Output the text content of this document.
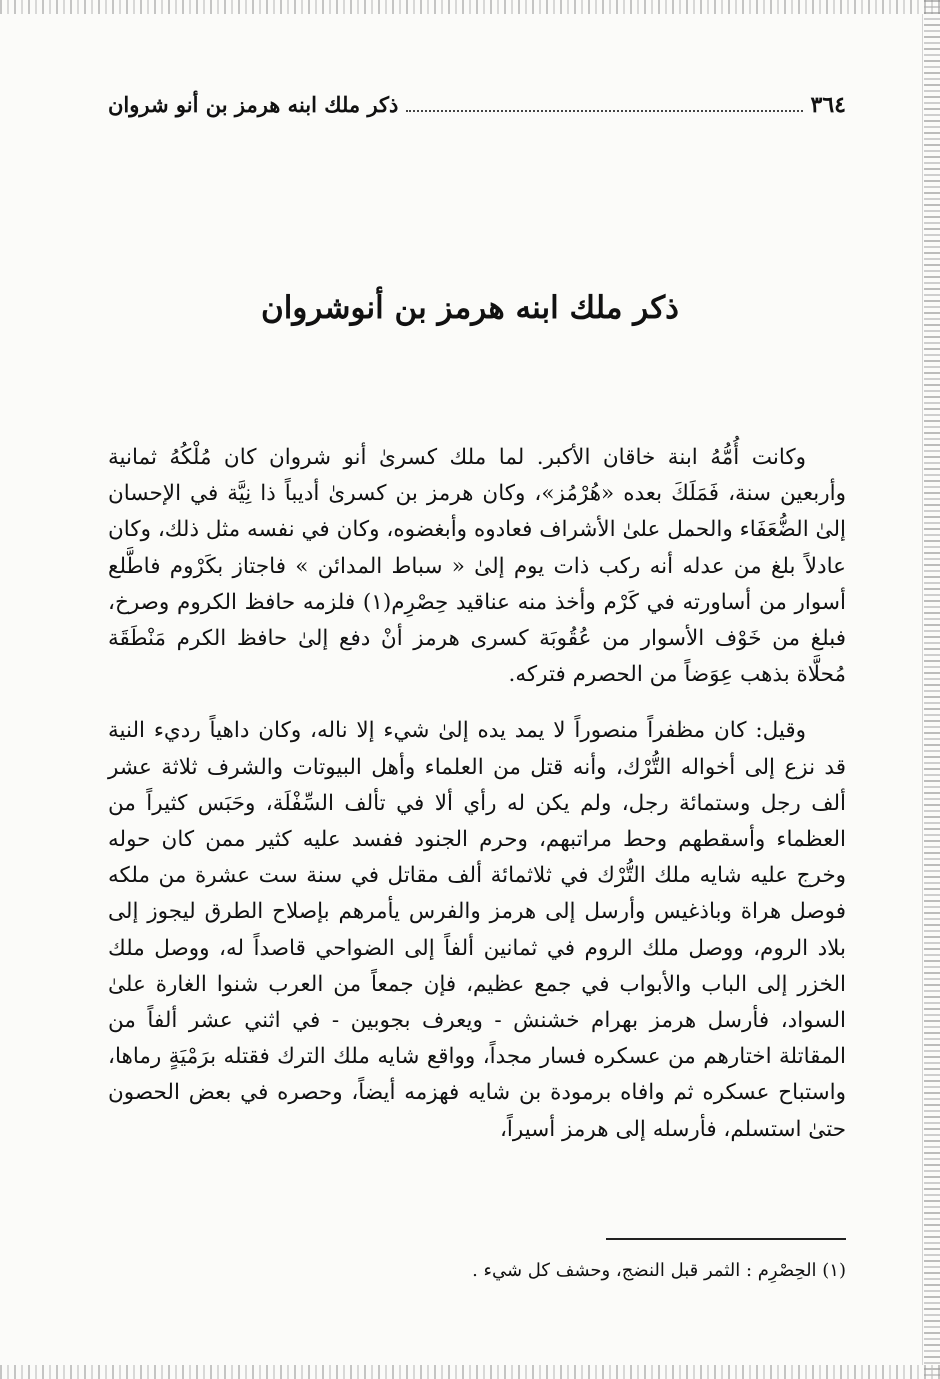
٣٦٤
ذكر ملك ابنه هرمز بن أنو شروان
ذكر ملك ابنه هرمز بن أنوشروان

وكانت أُمُّهُ ابنة خاقان الأكبر. لما ملك كسرىٰ أنو شروان كان مُلْكُهُ ثمانية وأربعين سنة، فَمَلَكَ بعده «هُرْمُز»، وكان هرمز بن كسرىٰ أديباً ذا نِيَّة في الإحسان إلىٰ الضُّعَفَاء والحمل علىٰ الأشراف فعادوه وأبغضوه، وكان في نفسه مثل ذلك، وكان عادلاً بلغ من عدله أنه ركب ذات يوم إلىٰ « سباط المدائن » فاجتاز بكَرْوم فاطَّلع أسوار من أساورته في كَرْم وأخذ منه عناقيد حِصْرِم(١) فلزمه حافظ الكروم وصرخ، فبلغ من خَوْف الأسوار من عُقُوبَة كسرى هرمز أنْ دفع إلىٰ حافظ الكرم مَنْطَقَة مُحلَّاة بذهب عِوَضاً من الحصرم فتركه.

وقيل: كان مظفراً منصوراً لا يمد يده إلىٰ شيء إلا ناله، وكان داهياً رديء النية قد نزع إلى أخواله التُّرْك، وأنه قتل من العلماء وأهل البيوتات والشرف ثلاثة عشر ألف رجل وستمائة رجل، ولم يكن له رأي ألا في تألف السِّفْلَة، وحَبَس كثيراً من العظماء وأسقطهم وحط مراتبهم، وحرم الجنود ففسد عليه كثير ممن كان حوله وخرج عليه شايه ملك التُّرْك في ثلاثمائة ألف مقاتل في سنة ست عشرة من ملكه فوصل هراة وباذغيس وأرسل إلى هرمز والفرس يأمرهم بإصلاح الطرق ليجوز إلى بلاد الروم، ووصل ملك الروم في ثمانين ألفاً إلى الضواحي قاصداً له، ووصل ملك الخزر إلى الباب والأبواب في جمع عظيم، فإن جمعاً من العرب شنوا الغارة علىٰ السواد، فأرسل هرمز بهرام خشنش - ويعرف بجوبين - في اثني عشر ألفاً من المقاتلة اختارهم من عسكره فسار مجداً، وواقع شايه ملك الترك فقتله برَمْيَةٍ رماها، واستباح عسكره ثم وافاه برمودة بن شايه فهزمه أيضاً، وحصره في بعض الحصون حتىٰ استسلم، فأرسله إلى هرمز أسيراً،

(١) الحِصْرِم : الثمر قبل النضج، وحشف كل شيء .
